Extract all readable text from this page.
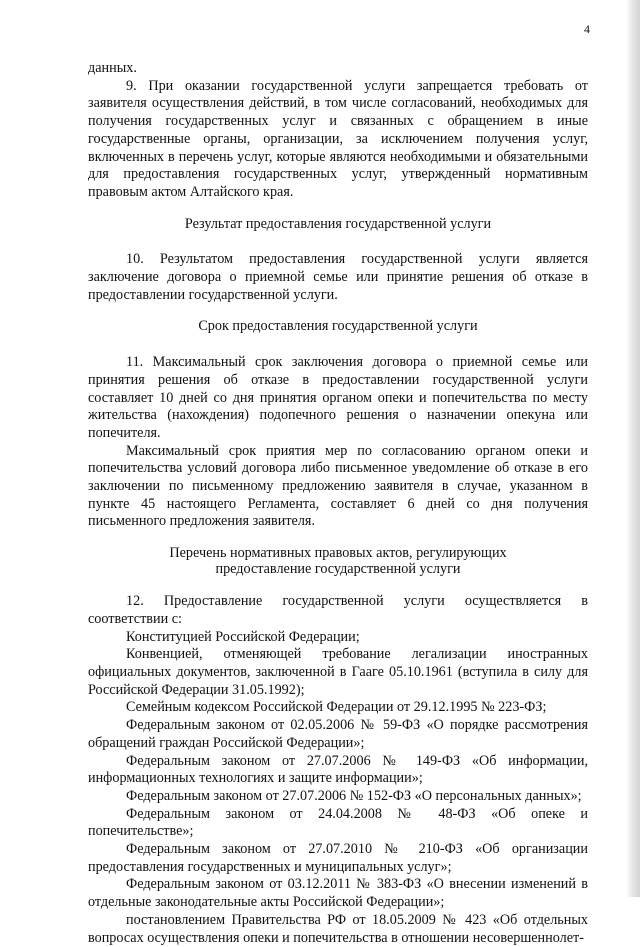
4

данных.

9. При оказании государственной услуги запрещается требовать от заявителя осуществления действий, в том числе согласований, необходимых для получения государственных услуг и связанных с обращением в иные государственные органы, организации, за исключением получения услуг, включенных в перечень услуг, которые являются необходимыми и обязательными для предоставления государственных услуг, утвержденный нормативным правовым актом Алтайского края.

Результат предоставления государственной услуги

10. Результатом предоставления государственной услуги является заключение договора о приемной семье или принятие решения об отказе в предоставлении государственной услуги.

Срок предоставления государственной услуги

11. Максимальный срок заключения договора о приемной семье или принятия решения об отказе в предоставлении государственной услуги составляет 10 дней со дня принятия органом опеки и попечительства по месту жительства (нахождения) подопечного решения о назначении опекуна или попечителя.

Максимальный срок приятия мер по согласованию органом опеки и попечительства условий договора либо письменное уведомление об отказе в его заключении по письменному предложению заявителя в случае, указанном в пункте 45 настоящего Регламента, составляет 6 дней со дня получения письменного предложения заявителя.

Перечень нормативных правовых актов, регулирующих
предоставление государственной услуги

12. Предоставление государственной услуги осуществляется в соответствии с:

Конституцией Российской Федерации;

Конвенцией, отменяющей требование легализации иностранных официальных документов, заключенной в Гааге 05.10.1961 (вступила в силу для Российской Федерации 31.05.1992);

Семейным кодексом Российской Федерации от 29.12.1995 № 223-ФЗ;

Федеральным законом от 02.05.2006 № 59-ФЗ «О порядке рассмотрения обращений граждан Российской Федерации»;

Федеральным законом от 27.07.2006 № 149-ФЗ «Об информации, информационных технологиях и защите информации»;

Федеральным законом от 27.07.2006 № 152-ФЗ «О персональных данных»;

Федеральным законом от 24.04.2008 № 48-ФЗ «Об опеке и попечительстве»;

Федеральным законом от 27.07.2010 № 210-ФЗ «Об организации предоставления государственных и муниципальных услуг»;

Федеральным законом от 03.12.2011 № 383-ФЗ «О внесении изменений в отдельные законодательные акты Российской Федерации»;

постановлением Правительства РФ от 18.05.2009 № 423 «Об отдельных вопросах осуществления опеки и попечительства в отношении несовершеннолет-
